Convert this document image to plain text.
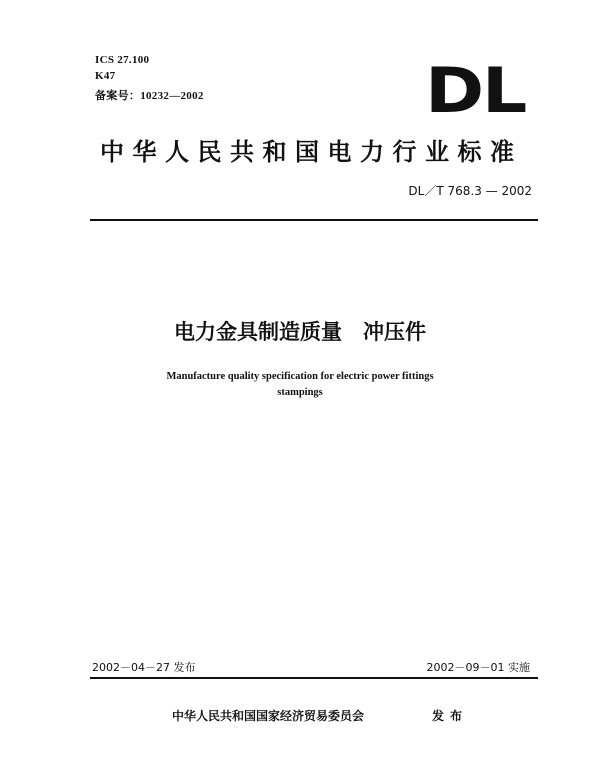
ICS 27.100
K47
备案号：10232—2002	DL
中华人民共和国电力行业标准
DL／T 768.3 — 2002
电力金具制造质量　冲压件
Manufacture quality specification for electric power fittings
stampings
2002－04－27 发布	2002－09－01 实施
中华人民共和国国家经济贸易委员会	发布
